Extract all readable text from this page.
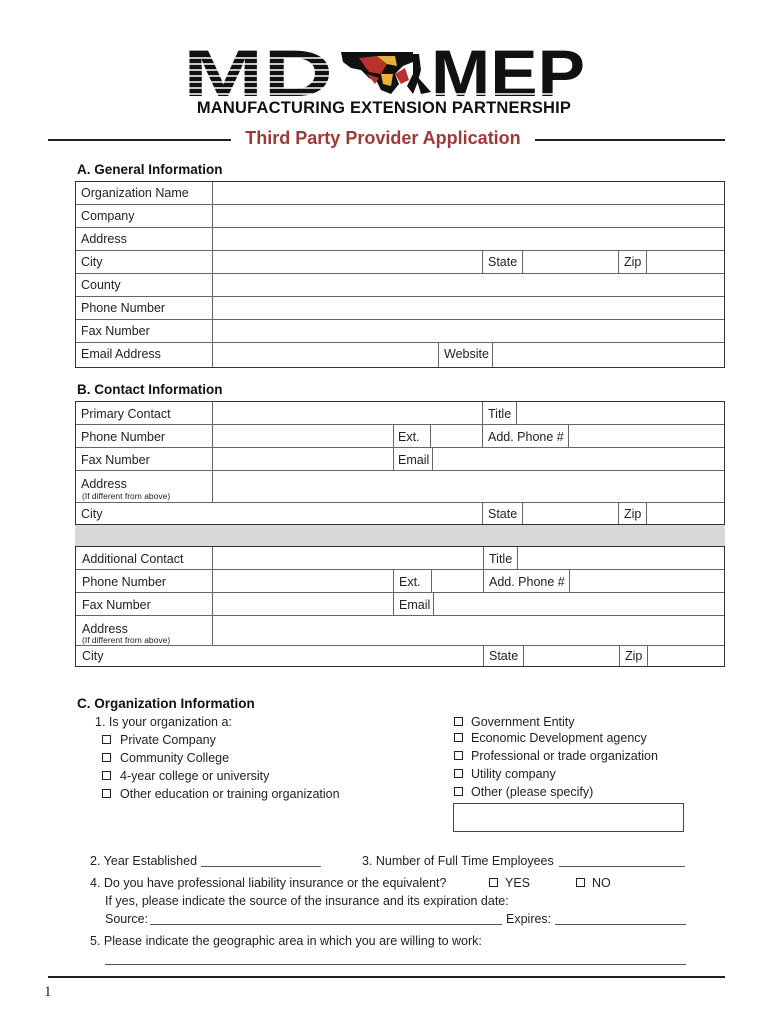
MD MEP
MANUFACTURING EXTENSION PARTNERSHIP
Third Party Provider Application
A. General Information
Organization Name
Company
Address
City	State	Zip
County
Phone Number
Fax Number
Email Address	Website
B. Contact Information
Primary Contact	Title
Phone Number	Ext.	Add. Phone #
Fax Number	Email
Address
(If different from above)
City	State	Zip
Additional Contact	Title
Phone Number	Ext.	Add. Phone #
Fax Number	Email
Address
(If different from above)
City	State	Zip
C. Organization Information
1. Is your organization a:
Private Company
Community College
4-year college or university
Other education or training organization
Government Entity
Economic Development agency
Professional or trade organization
Utility company
Other (please specify)
2. Year Established	3. Number of Full Time Employees
4. Do you have professional liability insurance or the equivalent?	YES	NO
If yes, please indicate the source of the insurance and its expiration date:
Source:	Expires:
5. Please indicate the geographic area in which you are willing to work:
1
